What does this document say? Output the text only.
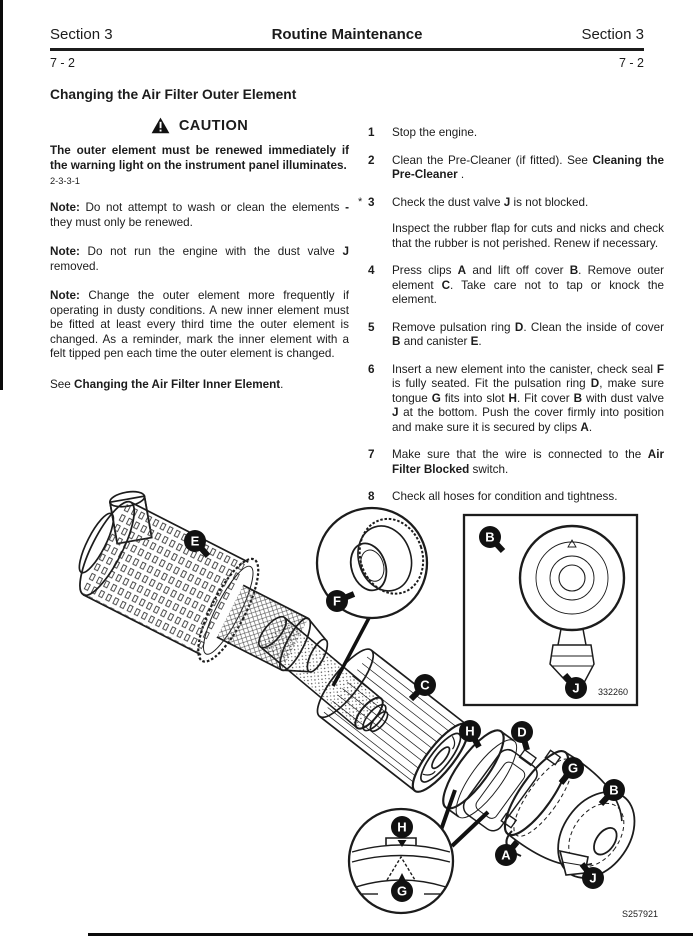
Section 3	Routine Maintenance	Section 3
7 - 2	7 - 2
Changing the Air Filter Outer Element
CAUTION
The outer element must be renewed immediately if the warning light on the instrument panel illuminates.
2-3-3-1
Note: Do not attempt to wash or clean the elements - they must only be renewed.
Note: Do not run the engine with the dust valve J removed.
Note: Change the outer element more frequently if operating in dusty conditions. A new inner element must be fitted at least every third time the outer element is changed. As a reminder, mark the inner element with a felt tipped pen each time the outer element is changed.
See Changing the Air Filter Inner Element.
1	Stop the engine.

2	Clean the Pre-Cleaner (if fitted). See Cleaning the Pre-Cleaner .

* 3	Check the dust valve J is not blocked.

Inspect the rubber flap for cuts and nicks and check that the rubber is not perished. Renew if necessary.

4	Press clips A and lift off cover B. Remove outer element C. Take care not to tap or knock the element.

5	Remove pulsation ring D. Clean the inside of cover B and canister E.

6	Insert a new element into the canister, check seal F is fully seated. Fit the pulsation ring D, make sure tongue G fits into slot H. Fit cover B with dust valve J at the bottom. Push the cover firmly into position and make sure it is secured by clips A.

7	Make sure that the wire is connected to the Air Filter Blocked switch.

8	Check all hoses for condition and tightness.

332260
E
F
C
H	D
G
B
A
J
B
J
H
G
S257921
